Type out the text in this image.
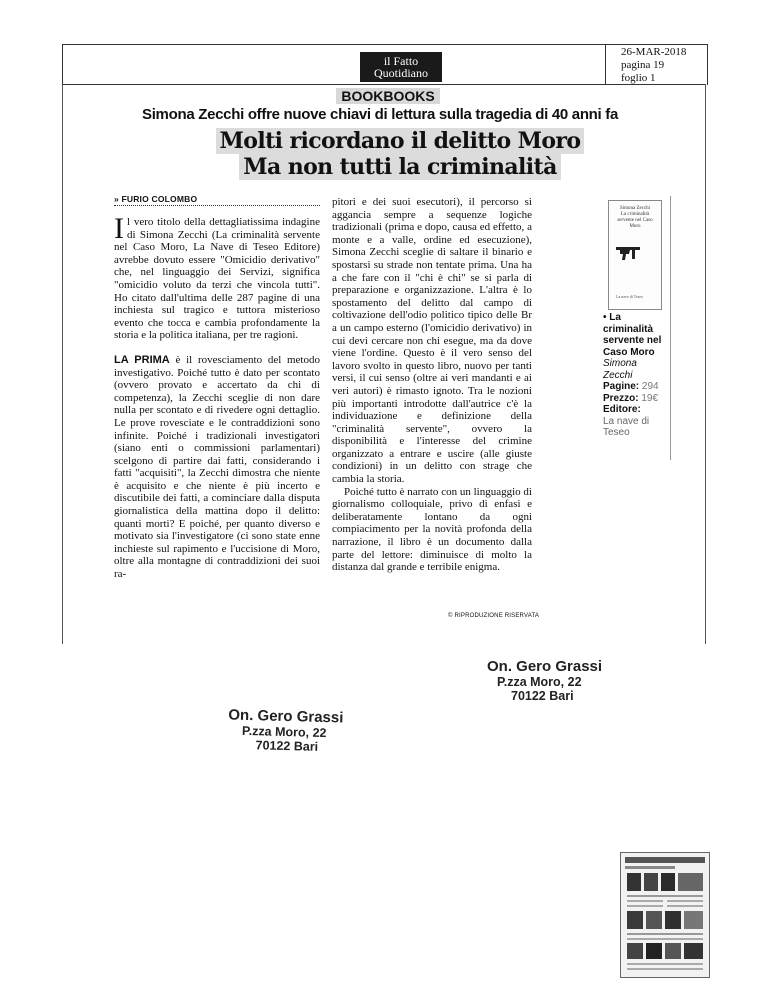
il Fatto
Quotidiano
26-MAR-2018
pagina 19
foglio 1
BOOKBOOKS
Simona Zecchi offre nuove chiavi di lettura sulla tragedia di 40 anni fa
Molti ricordano il delitto Moro
Ma non tutti la criminalità
» FURIO COLOMBO

Il vero titolo della dettagliatissima indagine di Simona Zecchi (La criminalità servente nel Caso Moro, La Nave di Teseo Editore) avrebbe dovuto essere "Omicidio derivativo" che, nel linguaggio dei Servizi, significa "omicidio voluto da terzi che vincola tutti". Ho citato dall'ultima delle 287 pagine di una inchiesta sul tragico e tuttora misterioso evento che tocca e cambia profondamente la storia e la politica italiana, per tre ragioni.

LA PRIMA è il rovesciamento del metodo investigativo. Poiché tutto è dato per scontato (ovvero provato e accertato da chi di competenza), la Zecchi sceglie di non dare nulla per scontato e di rivedere ogni dettaglio. Le prove rovesciate e le contraddizioni sono infinite. Poiché i tradizionali investigatori (siano enti o commissioni parlamentari) scelgono di partire dai fatti, considerando i fatti "acquisiti", la Zecchi dimostra che niente è acquisito e che niente è più incerto e discutibile dei fatti, a cominciare dalla disputa giornalistica della mattina dopo il delitto: quanti morti? E poiché, per quanto diverso e motivato sia l'investigatore (ci sono state enne inchieste sul rapimento e l'uccisione di Moro, oltre alla montagne di contraddizioni dei suoi ra-

pitori e dei suoi esecutori), il percorso si aggancia sempre a sequenze logiche tradizionali (prima e dopo, causa ed effetto, a monte e a valle, ordine ed esecuzione), Simona Zecchi sceglie di saltare il binario e spostarsi su strade non tentate prima. Una ha a che fare con il "chi è chi" se si parla di preparazione e organizzazione. L'altra è lo spostamento del delitto dal campo di coltivazione dell'odio politico tipico delle Br a un campo esterno (l'omicidio derivativo) in cui devi cercare non chi esegue, ma da dove viene l'ordine. Questo è il vero senso del lavoro svolto in questo libro, nuovo per tanti versi, il cui senso (oltre ai veri mandanti e ai veri autori) è rimasto ignoto. Tra le nozioni più importanti introdotte dall'autrice c'è la individuazione e definizione della "criminalità servente", ovvero la disponibilità e l'interesse del crimine organizzato a entrare e uscire (alle giuste condizioni) in un delitto con strage che cambia la storia.

Poiché tutto è narrato con un linguaggio di giornalismo colloquiale, privo di enfasi e deliberatamente lontano da ogni compiacimento per la novità profonda della narrazione, il libro è un documento dalla parte del lettore: diminuisce di molto la distanza dal grande e terribile enigma.

© RIPRODUZIONE RISERVATA
Simona Zecchi
La criminalità servente nel Caso Moro
La nave di Teseo
• La criminalità servente nel Caso Moro
Simona Zecchi
Pagine: 294
Prezzo: 19€
Editore:
La nave di Teseo
On. Gero Grassi
P.zza Moro, 22
70122 Bari
On. Gero Grassi
P.zza Moro, 22
70122 Bari
